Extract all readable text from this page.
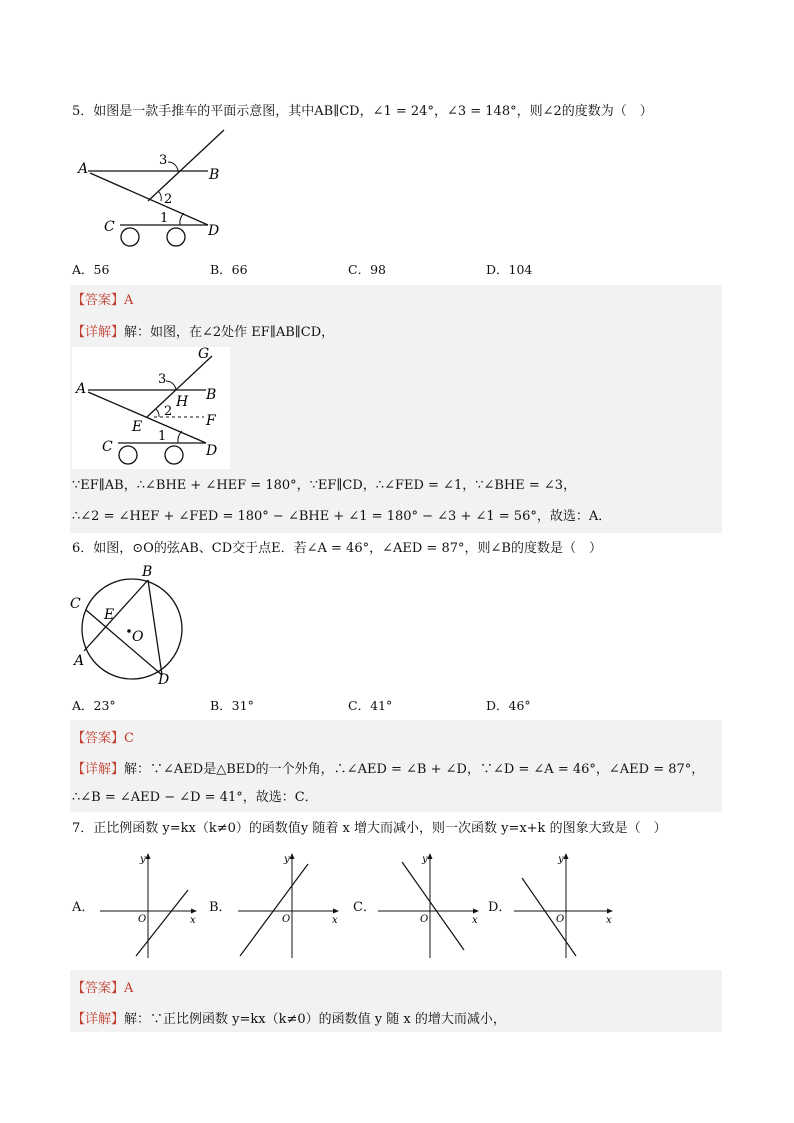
5．如图是一款手推车的平面示意图，其中AB∥CD，∠1 = 24°，∠3 = 148°，则∠2的度数为（　）
A	B
C	D
3
2
1
A．56	B．66	C．98	D．104
【答案】A
【详解】解：如图，在∠2处作 EF∥AB∥CD，
A	B
C	D
E	F
G
H
3
2
1
∵EF∥AB，∴∠BHE + ∠HEF = 180°，∵EF∥CD，∴∠FED = ∠1，∵∠BHE = ∠3，
∴∠2 = ∠HEF + ∠FED = 180° − ∠BHE + ∠1 = 180° − ∠3 + ∠1 = 56°，故选：A．
6．如图，⊙O的弦AB、CD交于点E．若∠A = 46°，∠AED = 87°，则∠B的度数是（　）
B
C
E
O
A
D
A．23°	B．31°	C．41°	D．46°
【答案】C
【详解】解：∵∠AED是△BED的一个外角，∴∠AED = ∠B + ∠D，∵∠D = ∠A = 46°，∠AED = 87°，
∴∠B = ∠AED − ∠D = 41°，故选：C．
7．正比例函数 y=kx（k≠0）的函数值y 随着 x 增大而减小，则一次函数 y=x+k 的图象大致是（　）
A．
y
x
O
B．
y
x
O
C．
y
x
O
D．
y
x
O
【答案】A
【详解】解：∵正比例函数 y=kx（k≠0）的函数值 y 随 x 的增大而减小，
